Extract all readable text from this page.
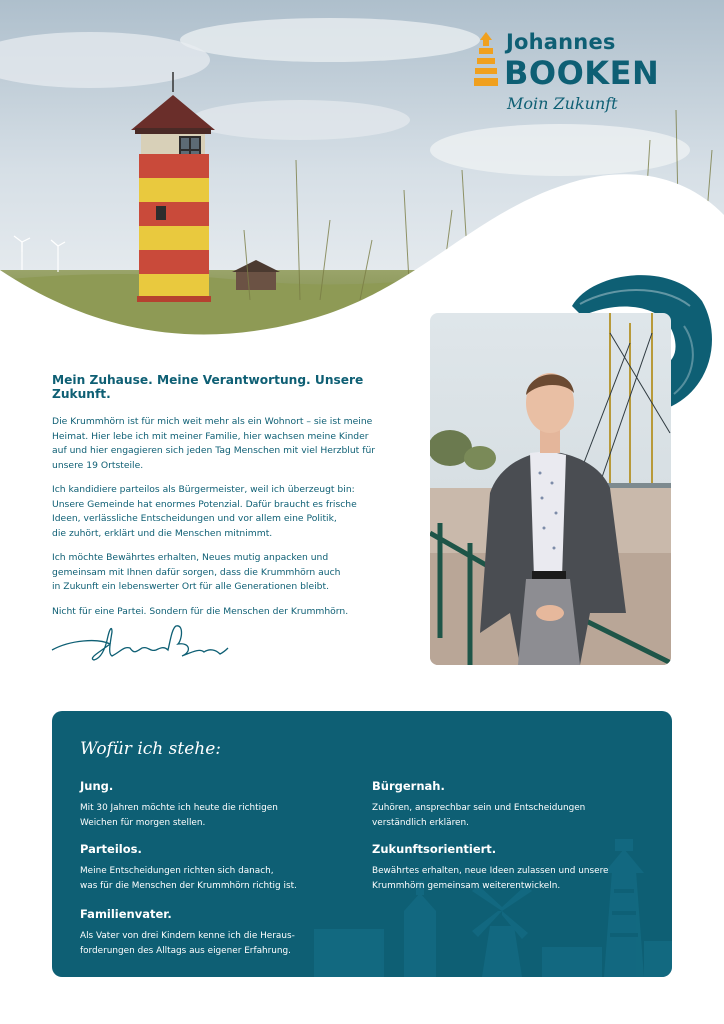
Johannes
BOOKEN
Moin Zukunft

Mein Zuhause. Meine Verantwortung. Unsere Zukunft.

Die Krummhörn ist für mich weit mehr als ein Wohnort – sie ist meine
Heimat. Hier lebe ich mit meiner Familie, hier wachsen meine Kinder
auf und hier engagieren sich jeden Tag Menschen mit viel Herzblut für
unsere 19 Ortsteile.

Ich kandidiere parteilos als Bürgermeister, weil ich überzeugt bin:
Unsere Gemeinde hat enormes Potenzial. Dafür braucht es frische
Ideen, verlässliche Entscheidungen und vor allem eine Politik,
die zuhört, erklärt und die Menschen mitnimmt.

Ich möchte Bewährtes erhalten, Neues mutig anpacken und
gemeinsam mit Ihnen dafür sorgen, dass die Krummhörn auch
in Zukunft ein lebenswerter Ort für alle Generationen bleibt.

Nicht für eine Partei. Sondern für die Menschen der Krummhörn.

Wofür ich stehe:

Jung.

Mit 30 Jahren möchte ich heute die richtigen
Weichen für morgen stellen.

Bürgernah.

Zuhören, ansprechbar sein und Entscheidungen
verständlich erklären.

Parteilos.

Meine Entscheidungen richten sich danach,
was für die Menschen der Krummhörn richtig ist.

Zukunftsorientiert.

Bewährtes erhalten, neue Ideen zulassen und unsere
Krummhörn gemeinsam weiterentwickeln.

Familienvater.

Als Vater von drei Kindern kenne ich die Heraus-
forderungen des Alltags aus eigener Erfahrung.
